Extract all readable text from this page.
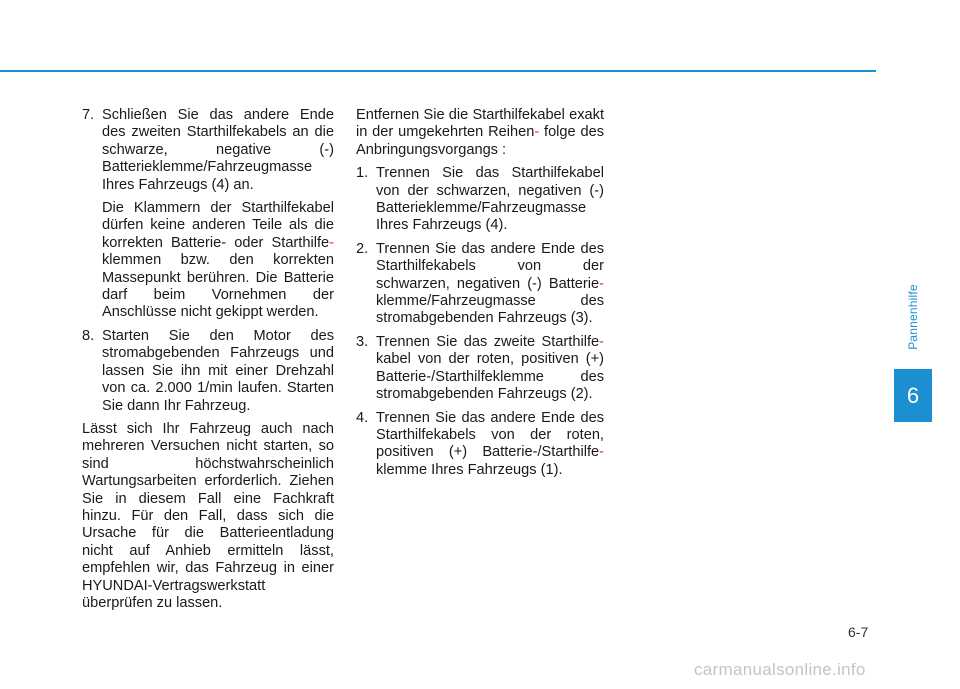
7. Schließen Sie das andere Ende des zweiten Starthilfekabels an die schwarze, negative (-) Batterieklemme/Fahrzeugmasse Ihres Fahrzeugs (4) an.

Die Klammern der Starthilfekabel dürfen keine anderen Teile als die korrekten Batterie- oder Starthilfe- klemmen bzw. den korrekten Massepunkt berühren. Die Batterie darf beim Vornehmen der Anschlüsse nicht gekippt werden.

8. Starten Sie den Motor des stromabgebenden Fahrzeugs und lassen Sie ihn mit einer Drehzahl von ca. 2.000 1/min laufen. Starten Sie dann Ihr Fahrzeug.

Lässt sich Ihr Fahrzeug auch nach mehreren Versuchen nicht starten, so sind höchstwahrscheinlich Wartungsarbeiten erforderlich. Ziehen Sie in diesem Fall eine Fachkraft hinzu. Für den Fall, dass sich die Ursache für die Batterieentladung nicht auf Anhieb ermitteln lässt, empfehlen wir, das Fahrzeug in einer HYUNDAI-Vertragswerkstatt überprüfen zu lassen.

Entfernen Sie die Starthilfekabel exakt in der umgekehrten Reihen- folge des Anbringungsvorgangs :

1. Trennen Sie das Starthilfekabel von der schwarzen, negativen (-) Batterieklemme/Fahrzeugmasse Ihres Fahrzeugs (4).

2. Trennen Sie das andere Ende des Starthilfekabels von der schwarzen, negativen (-) Batterie- klemme/Fahrzeugmasse des stromabgebenden Fahrzeugs (3).

3. Trennen Sie das zweite Starthilfe- kabel von der roten, positiven (+) Batterie-/Starthilfeklemme des stromabgebenden Fahrzeugs (2).

4. Trennen Sie das andere Ende des Starthilfekabels von der roten, positiven (+) Batterie-/Starthilfe- klemme Ihres Fahrzeugs (1).

Pannenhilfe
6
6-7
carmanualsonline.info
